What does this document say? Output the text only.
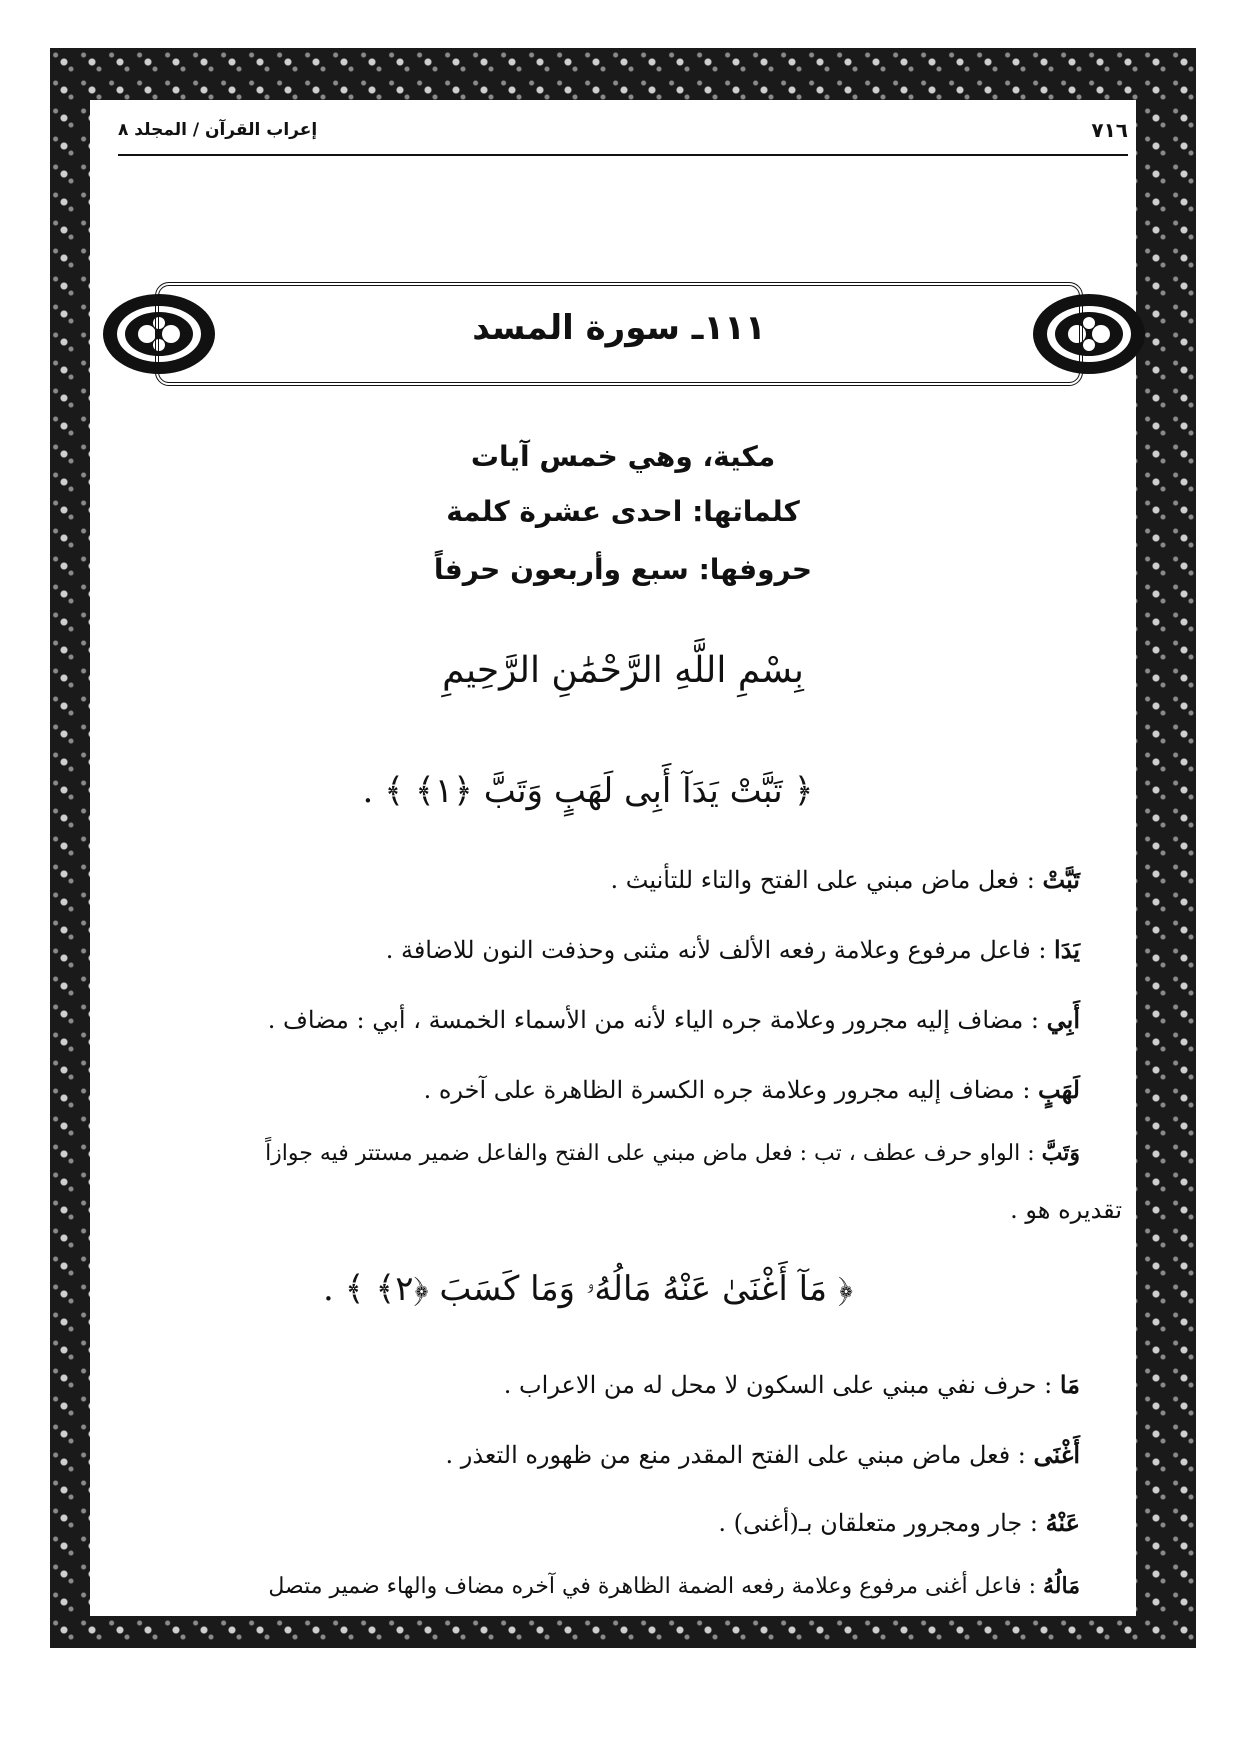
إعراب القرآن / المجلد ٨	٧١٦
١١١ـ سورة المسد
مكية، وهي خمس آيات
كلماتها: احدى عشرة كلمة
حروفها: سبع وأربعون حرفاً
بِسْمِ اللَّهِ الرَّحْمَٰنِ الرَّحِيمِ
﴿ تَبَّتْ يَدَآ أَبِى لَهَبٍ وَتَبَّ ﴿١﴾ ﴾ .
تَبَّتْ : فعل ماض مبني على الفتح والتاء للتأنيث .
يَدَا : فاعل مرفوع وعلامة رفعه الألف لأنه مثنى وحذفت النون للاضافة .
أَبِي : مضاف إليه مجرور وعلامة جره الياء لأنه من الأسماء الخمسة ، أبي : مضاف .
لَهَبٍ : مضاف إليه مجرور وعلامة جره الكسرة الظاهرة على آخره .
وَتَبَّ : الواو حرف عطف ، تب : فعل ماض مبني على الفتح والفاعل ضمير مستتر فيه جوازاً
تقديره هو .
﴿ مَآ أَغْنَىٰ عَنْهُ مَالُهُۥ وَمَا كَسَبَ ﴿٢﴾ ﴾ .
مَا : حرف نفي مبني على السكون لا محل له من الاعراب .
أَغْنَى : فعل ماض مبني على الفتح المقدر منع من ظهوره التعذر .
عَنْهُ : جار ومجرور متعلقان بـ(أغنى) .
مَالُهُ : فاعل أغنى مرفوع وعلامة رفعه الضمة الظاهرة في آخره مضاف والهاء ضمير متصل
